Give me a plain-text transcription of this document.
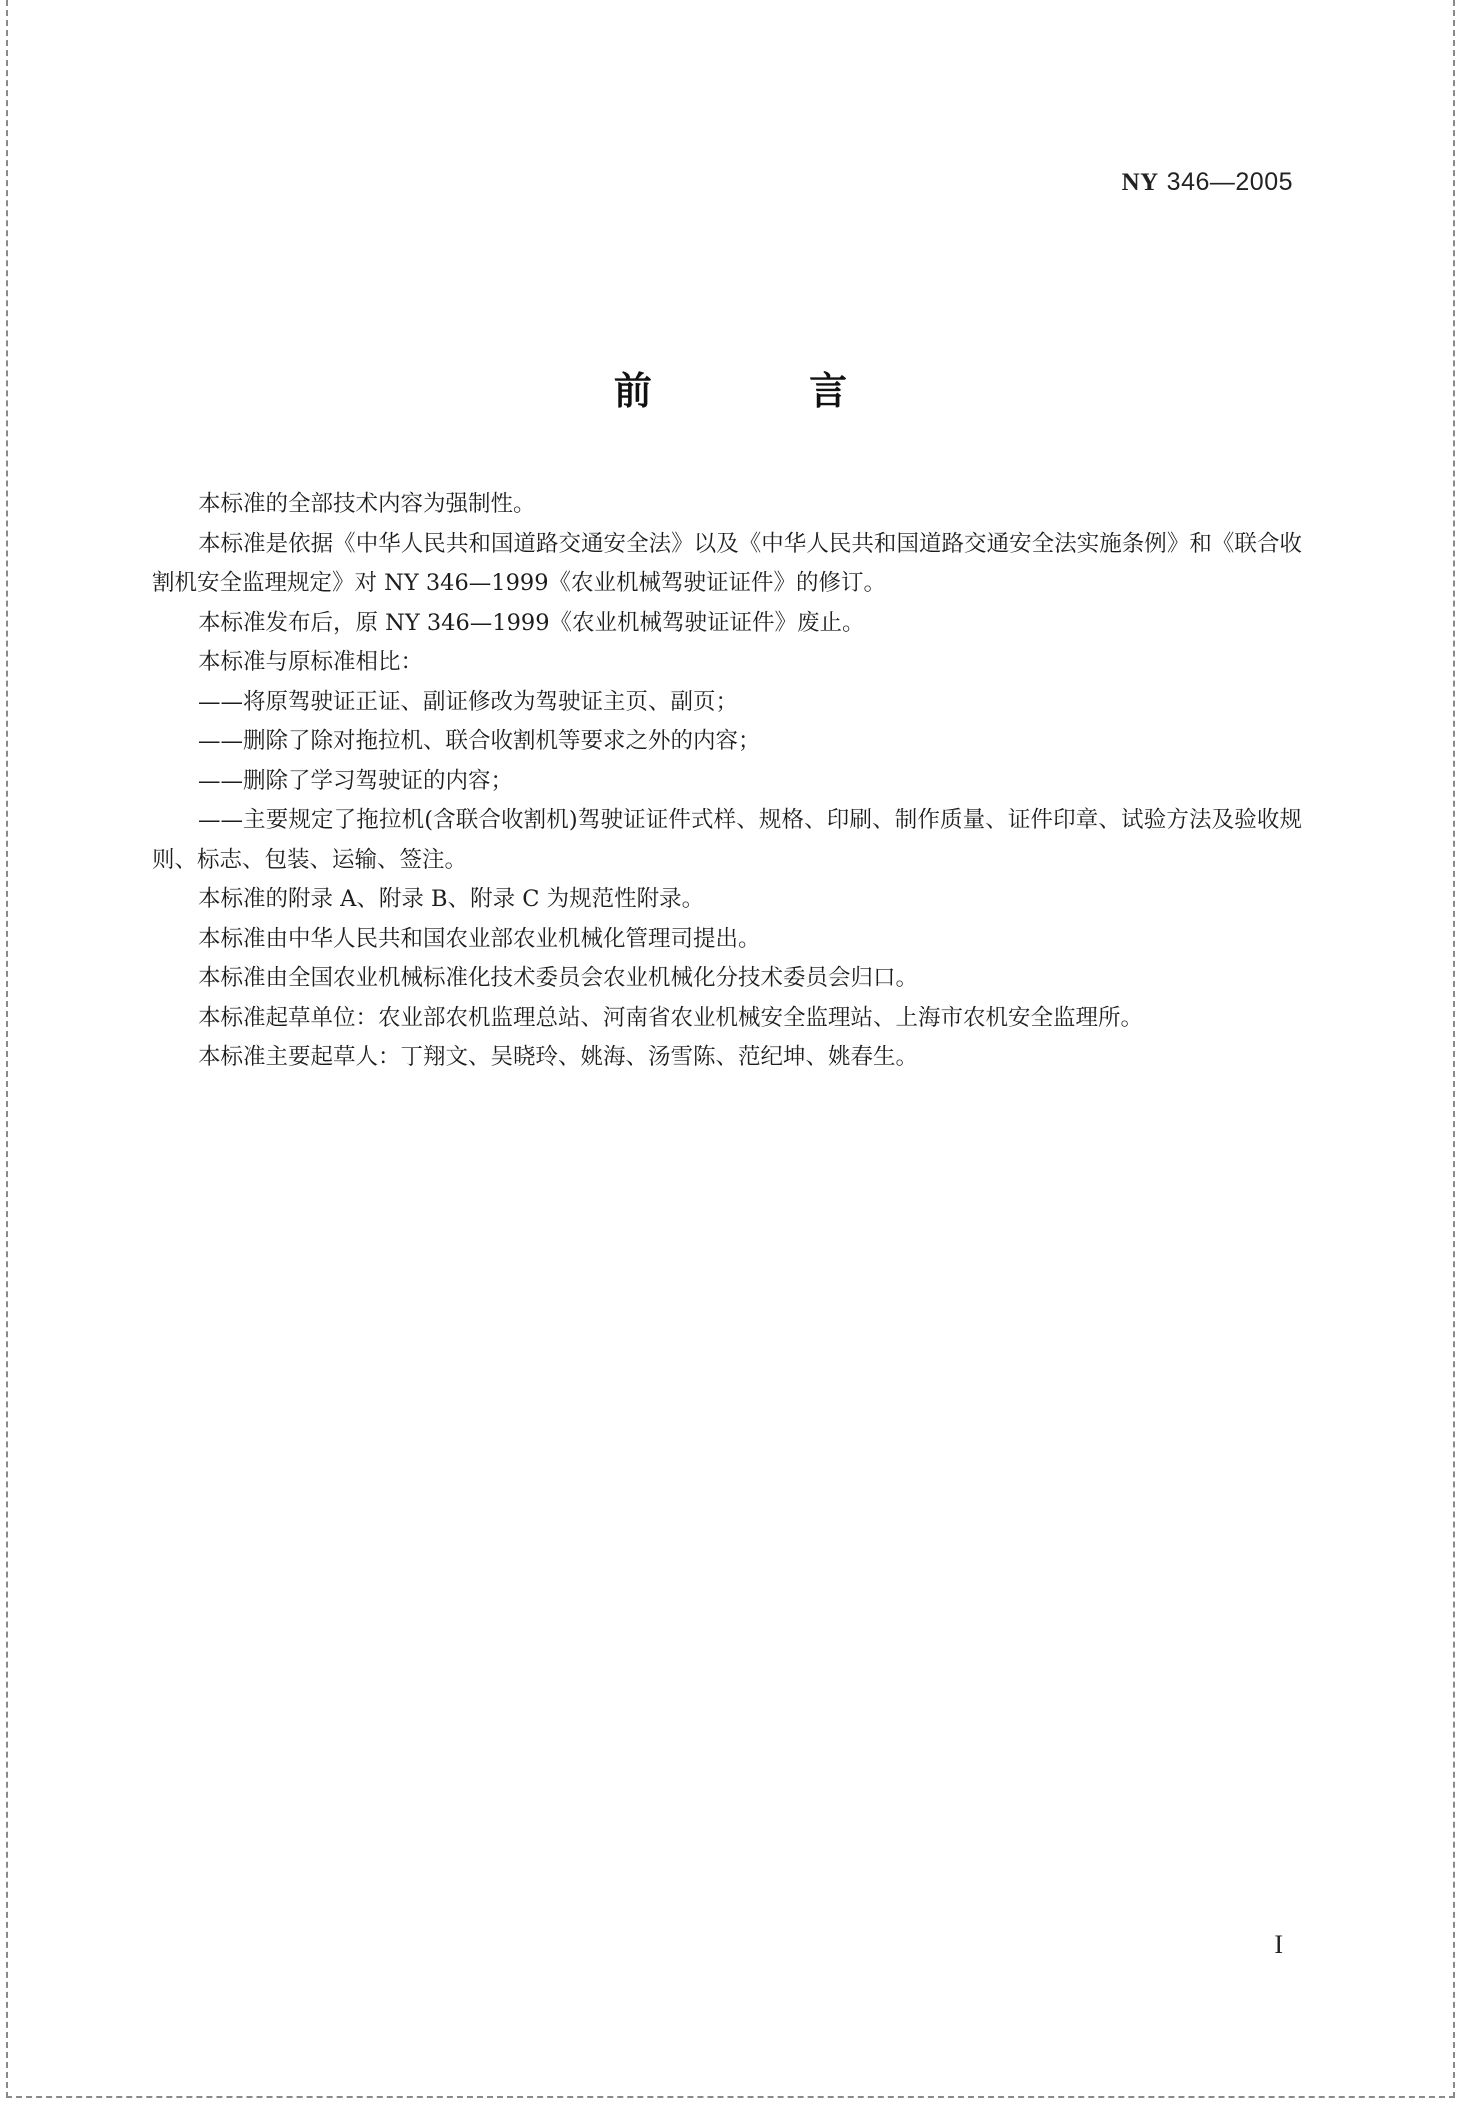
NY 346—2005
前 言

本标准的全部技术内容为强制性。

本标准是依据《中华人民共和国道路交通安全法》以及《中华人民共和国道路交通安全法实施条例》和《联合收割机安全监理规定》对 NY 346—1999《农业机械驾驶证证件》的修订。

本标准发布后，原 NY 346—1999《农业机械驾驶证证件》废止。

本标准与原标准相比：

——将原驾驶证正证、副证修改为驾驶证主页、副页；

——删除了除对拖拉机、联合收割机等要求之外的内容；

——删除了学习驾驶证的内容；

——主要规定了拖拉机(含联合收割机)驾驶证证件式样、规格、印刷、制作质量、证件印章、试验方法及验收规则、标志、包装、运输、签注。

本标准的附录 A、附录 B、附录 C 为规范性附录。

本标准由中华人民共和国农业部农业机械化管理司提出。

本标准由全国农业机械标准化技术委员会农业机械化分技术委员会归口。

本标准起草单位：农业部农机监理总站、河南省农业机械安全监理站、上海市农机安全监理所。

本标准主要起草人：丁翔文、吴晓玲、姚海、汤雪陈、范纪坤、姚春生。

I
